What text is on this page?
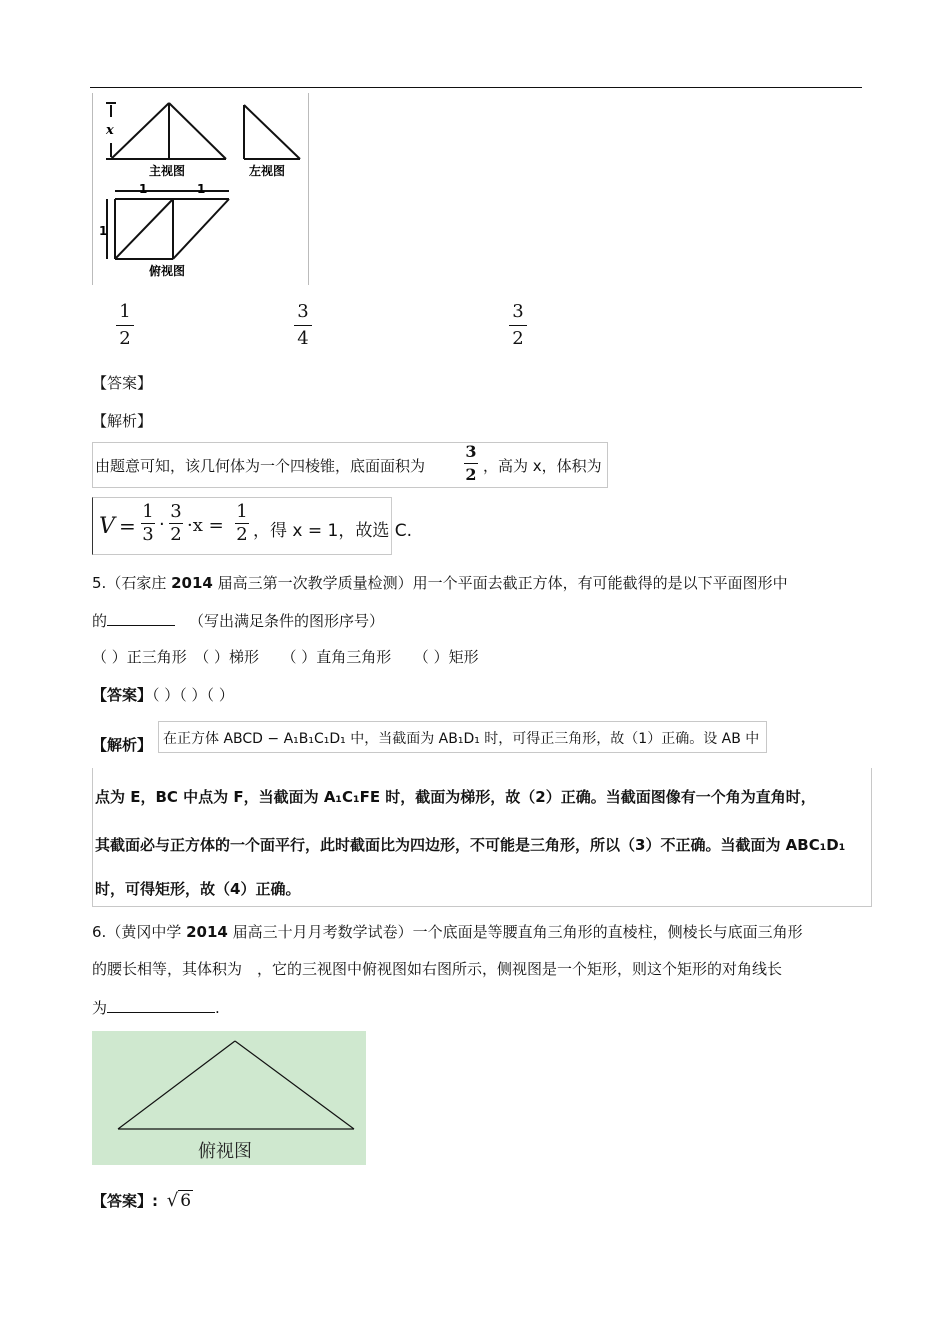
x
主视图	左视图
1	1
1
俯视图
1
2
3
4
3
2
【答案】
【解析】
由题意可知，该几何体为一个四棱锥，底面面积为
3
2 ，高为 x，体积为
V =
1
3 ·
3
2 ·x =
1
2 ，得 x = 1，故选 C.
5.（石家庄 2014 届高三第一次教学质量检测）用一个平面去截正方体，有可能截得的是以下平面图形中
的	（写出满足条件的图形序号）
（ ）正三角形　（ ）梯形　　（ ）直角三角形　　（ ）矩形
【答案】（ ）（ ）（ ）
【解析】 在正方体 ABCD − A₁B₁C₁D₁ 中，当截面为 AB₁D₁ 时，可得正三角形，故（1）正确。设 AB 中
点为 E，BC 中点为 F，当截面为 A₁C₁FE 时，截面为梯形，故（2）正确。当截面图像有一个角为直角时，
其截面必与正方体的一个面平行，此时截面比为四边形，不可能是三角形，所以（3）不正确。当截面为 ABC₁D₁
时，可得矩形，故（4）正确。
6.（黄冈中学 2014 届高三十月月考数学试卷）一个底面是等腰直角三角形的直棱柱，侧棱长与底面三角形
的腰长相等，其体积为　，它的三视图中俯视图如右图所示，侧视图是一个矩形，则这个矩形的对角线长
为	.
俯视图
【答案】: √ 6
